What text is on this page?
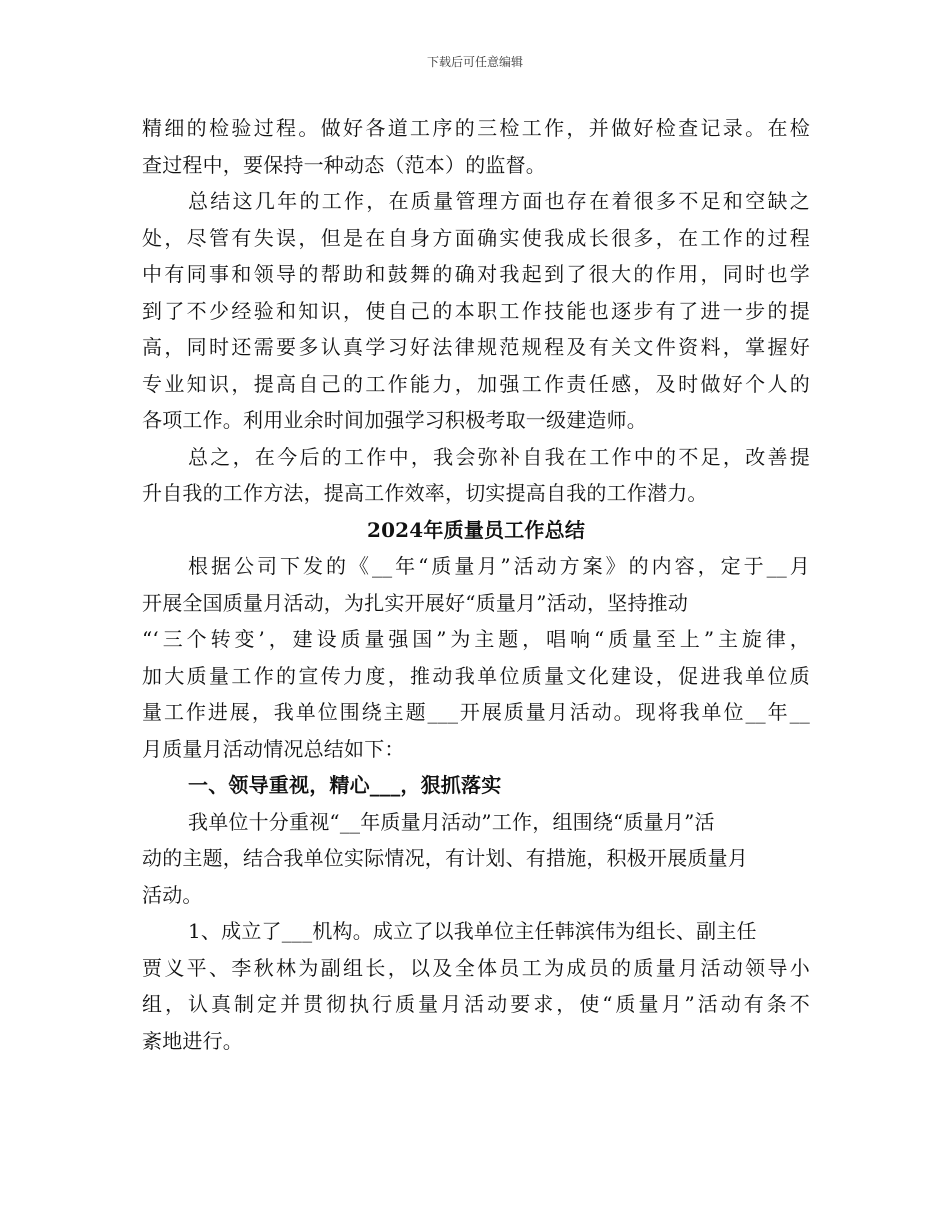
下载后可任意编辑
精细的检验过程。做好各道工序的三检工作，并做好检查记录。在检
查过程中，要保持一种动态（范本）的监督。
总结这几年的工作，在质量管理方面也存在着很多不足和空缺之
处，尽管有失误，但是在自身方面确实使我成长很多，在工作的过程
中有同事和领导的帮助和鼓舞的确对我起到了很大的作用，同时也学
到了不少经验和知识，使自己的本职工作技能也逐步有了进一步的提
高，同时还需要多认真学习好法律规范规程及有关文件资料，掌握好
专业知识，提高自己的工作能力，加强工作责任感，及时做好个人的
各项工作。利用业余时间加强学习积极考取一级建造师。
总之，在今后的工作中，我会弥补自我在工作中的不足，改善提
升自我的工作方法，提高工作效率，切实提高自我的工作潜力。
2024年质量员工作总结
根据公司下发的《__年“质量月”活动方案》的内容，定于__月
开展全国质量月活动，为扎实开展好“质量月”活动，坚持推动
“‘三个转变’，建设质量强国”为主题，唱响“质量至上”主旋律，
加大质量工作的宣传力度，推动我单位质量文化建设，促进我单位质
量工作进展，我单位围绕主题___开展质量月活动。现将我单位__年__
月质量月活动情况总结如下：
一、领导重视，精心___，狠抓落实
我单位十分重视“__年质量月活动”工作，组围绕“质量月”活
动的主题，结合我单位实际情况，有计划、有措施，积极开展质量月
活动。
1、成立了___机构。成立了以我单位主任韩滨伟为组长、副主任
贾义平、李秋林为副组长，以及全体员工为成员的质量月活动领导小
组，认真制定并贯彻执行质量月活动要求，使“质量月”活动有条不
紊地进行。
